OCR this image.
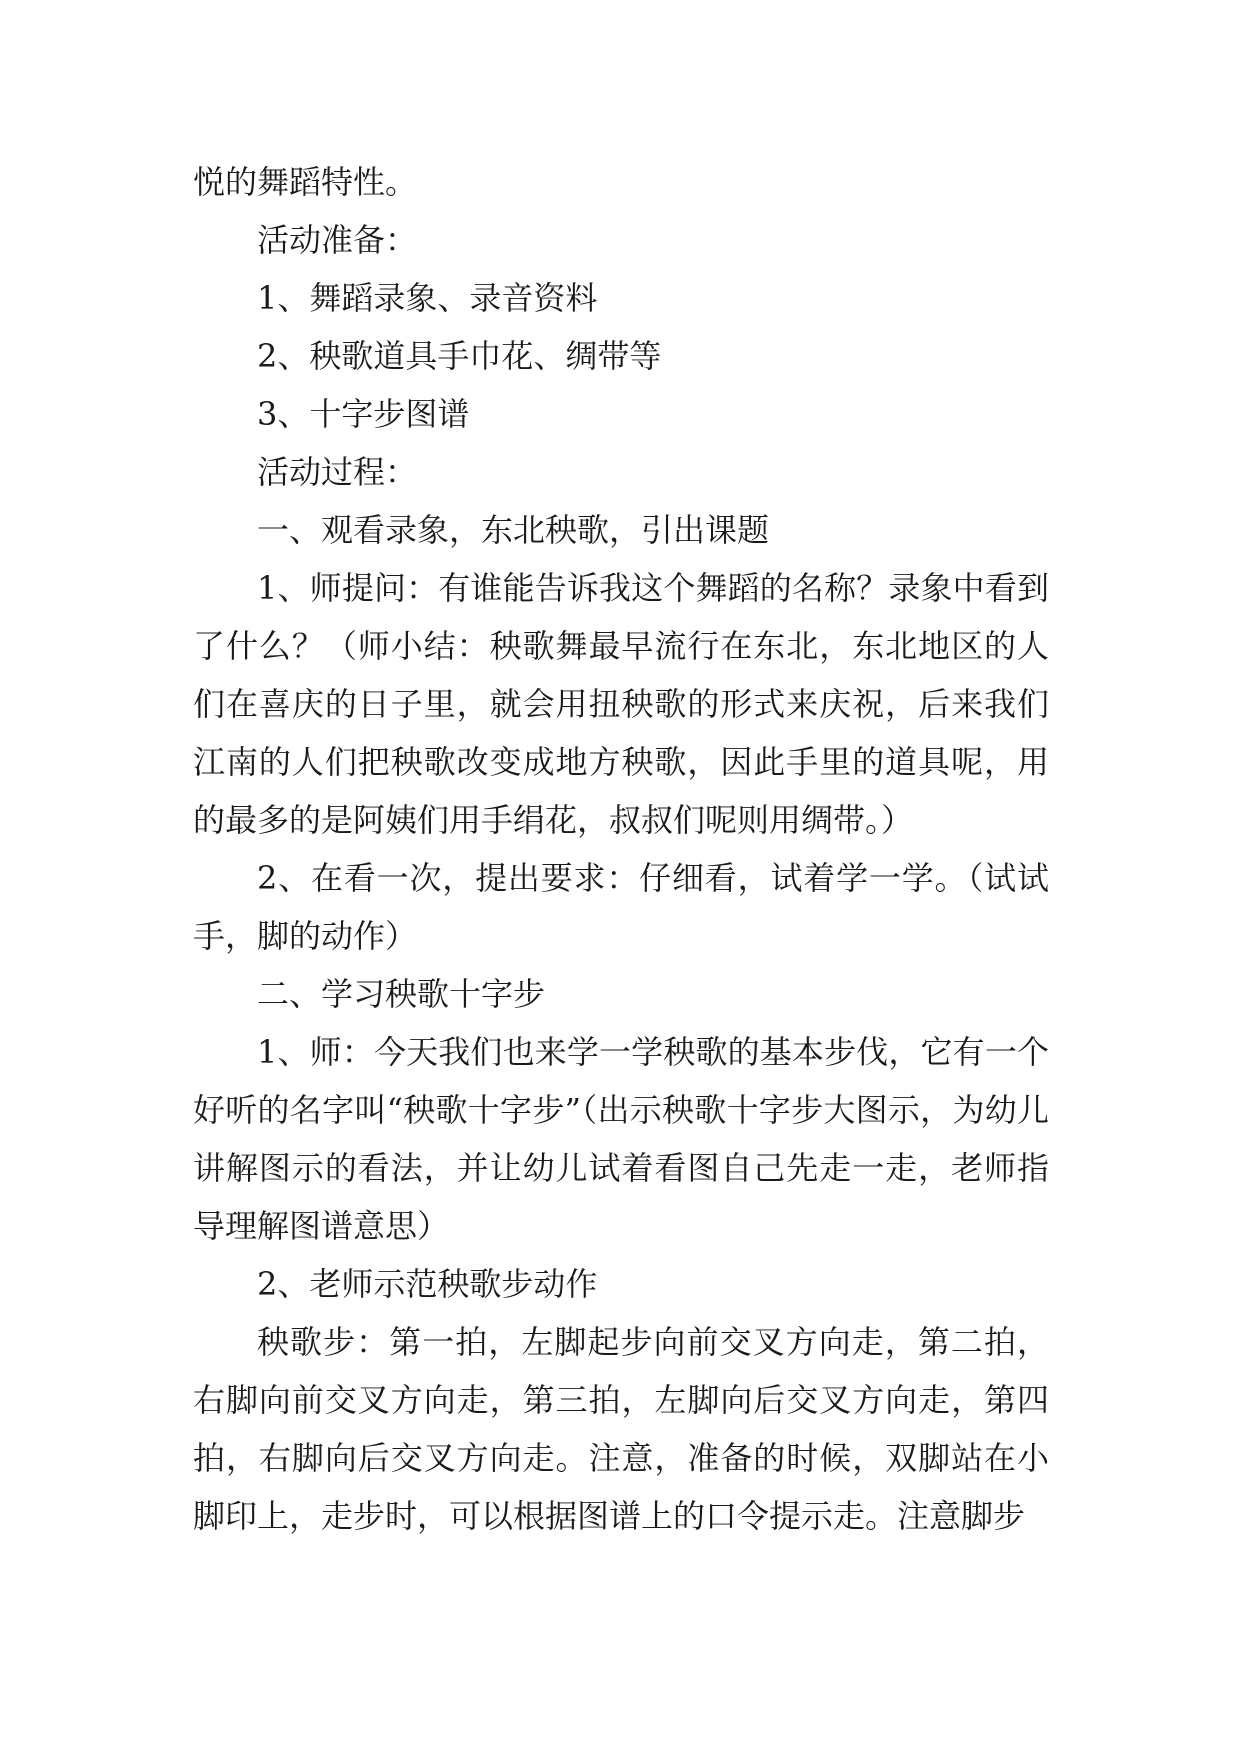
悦的舞蹈特性。

活动准备：

1、舞蹈录象、录音资料

2、秧歌道具手巾花、绸带等

3、十字步图谱

活动过程：

一、观看录象，东北秧歌，引出课题

1、师提问：有谁能告诉我这个舞蹈的名称？录象中看到了什么？（师小结：秧歌舞最早流行在东北，东北地区的人们在喜庆的日子里，就会用扭秧歌的形式来庆祝，后来我们江南的人们把秧歌改变成地方秧歌，因此手里的道具呢，用的最多的是阿姨们用手绢花，叔叔们呢则用绸带。）

2、在看一次，提出要求：仔细看，试着学一学。（试试手，脚的动作）

二、学习秧歌十字步

1、师：今天我们也来学一学秧歌的基本步伐，它有一个好听的名字叫“秧歌十字步”（出示秧歌十字步大图示，为幼儿讲解图示的看法，并让幼儿试着看图自己先走一走，老师指导理解图谱意思）

2、老师示范秧歌步动作

秧歌步：第一拍，左脚起步向前交叉方向走，第二拍，右脚向前交叉方向走，第三拍，左脚向后交叉方向走，第四拍，右脚向后交叉方向走。注意，准备的时候，双脚站在小脚印上，走步时，可以根据图谱上的口令提示走。注意脚步
